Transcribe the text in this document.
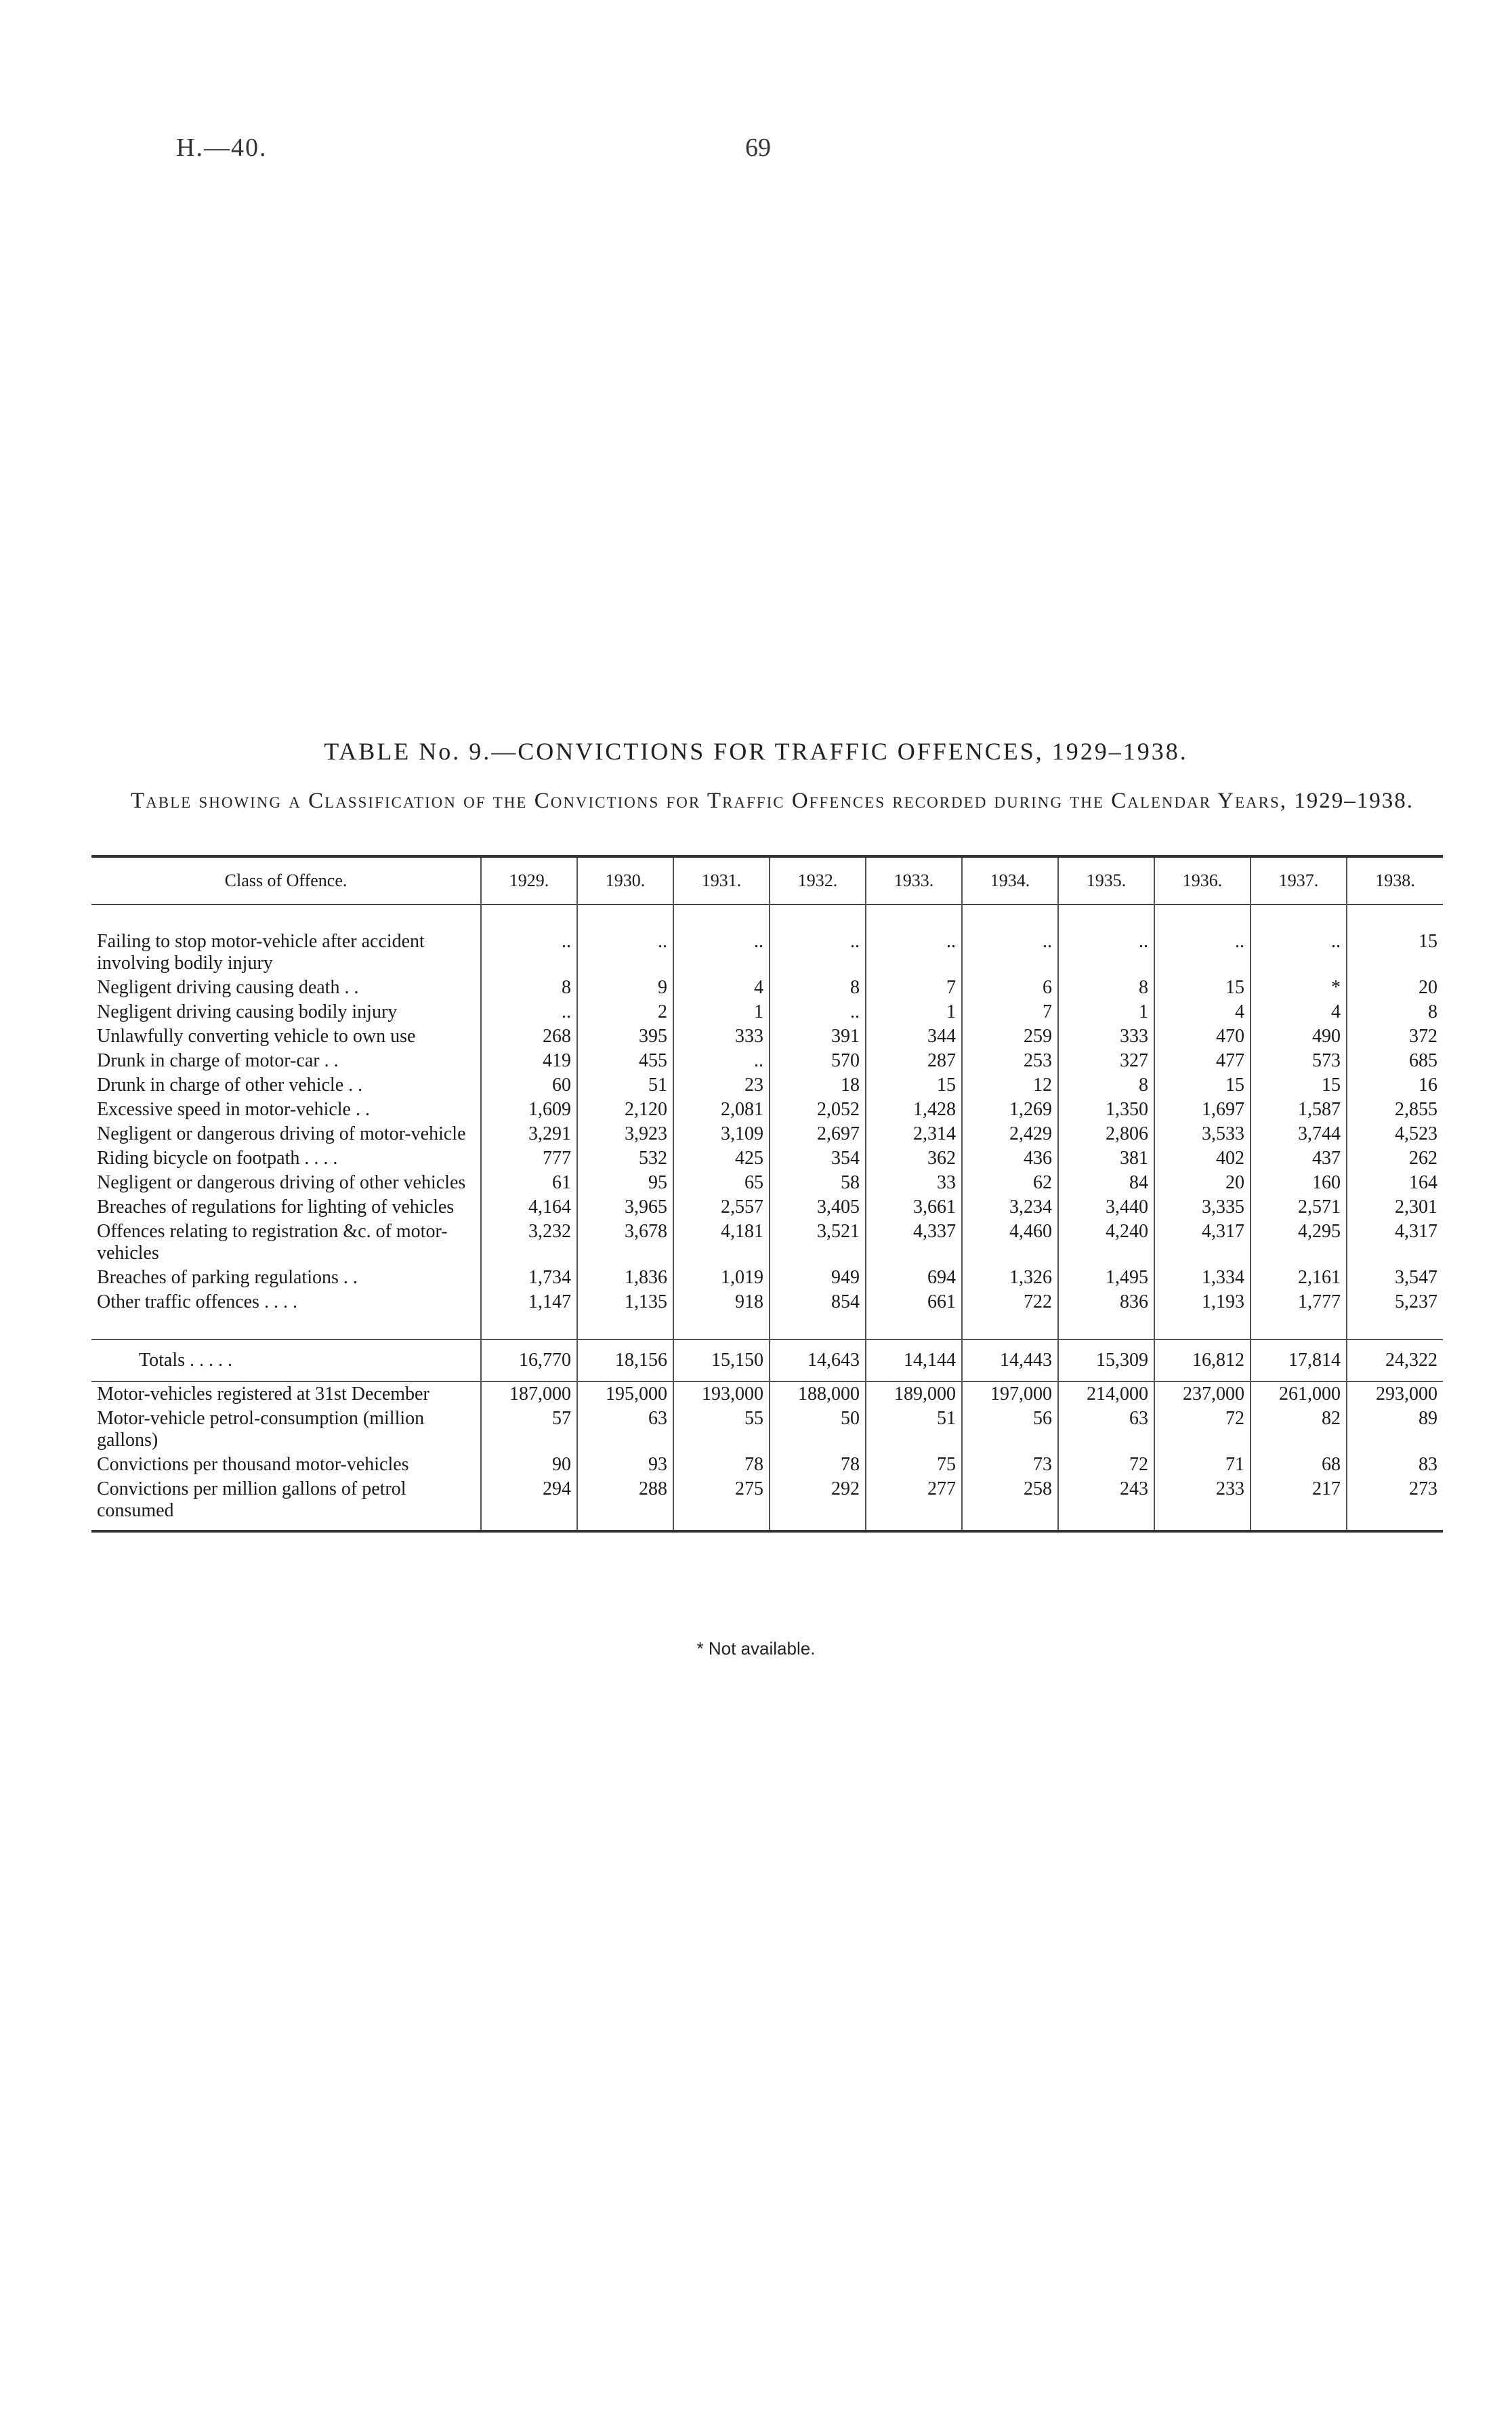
H.—40.	69
TABLE No. 9.—CONVICTIONS FOR TRAFFIC OFFENCES, 1929–1938.
Table showing a Classification of the Convictions for Traffic Offences recorded during the Calendar Years, 1929–1938.
Class of Offence.	1929.	1930.	1931.	1932.	1933.	1934.	1935.	1936.	1937.	1938.

Failing to stop motor-vehicle after accident involving bodily injury	..	..	..	..	..	..	..	..	..	15
Negligent driving causing death . .	8	9	4	8	7	6	8	15	*	20
Negligent driving causing bodily injury	..	2	1	..	1	7	1	4	4	8
Unlawfully converting vehicle to own use	268	395	333	391	344	259	333	470	490	372
Drunk in charge of motor-car . .	419	455	..	570	287	253	327	477	573	685
Drunk in charge of other vehicle . .	60	51	23	18	15	12	8	15	15	16
Excessive speed in motor-vehicle . .	1,609	2,120	2,081	2,052	1,428	1,269	1,350	1,697	1,587	2,855
Negligent or dangerous driving of motor-vehicle	3,291	3,923	3,109	2,697	2,314	2,429	2,806	3,533	3,744	4,523
Riding bicycle on footpath . . . .	777	532	425	354	362	436	381	402	437	262
Negligent or dangerous driving of other vehicles	61	95	65	58	33	62	84	20	160	164
Breaches of regulations for lighting of vehicles	4,164	3,965	2,557	3,405	3,661	3,234	3,440	3,335	2,571	2,301
Offences relating to registration &c. of motor-vehicles	3,232	3,678	4,181	3,521	4,337	4,460	4,240	4,317	4,295	4,317
Breaches of parking regulations . .	1,734	1,836	1,019	949	694	1,326	1,495	1,334	2,161	3,547
Other traffic offences . . . .	1,147	1,135	918	854	661	722	836	1,193	1,777	5,237

Totals . . . . .	16,770	18,156	15,150	14,643	14,144	14,443	15,309	16,812	17,814	24,322
Motor-vehicles registered at 31st December	187,000	195,000	193,000	188,000	189,000	197,000	214,000	237,000	261,000	293,000
Motor-vehicle petrol-consumption (million gallons)	57	63	55	50	51	56	63	72	82	89
Convictions per thousand motor-vehicles	90	93	78	78	75	73	72	71	68	83
Convictions per million gallons of petrol consumed	294	288	275	292	277	258	243	233	217	273
* Not available.
